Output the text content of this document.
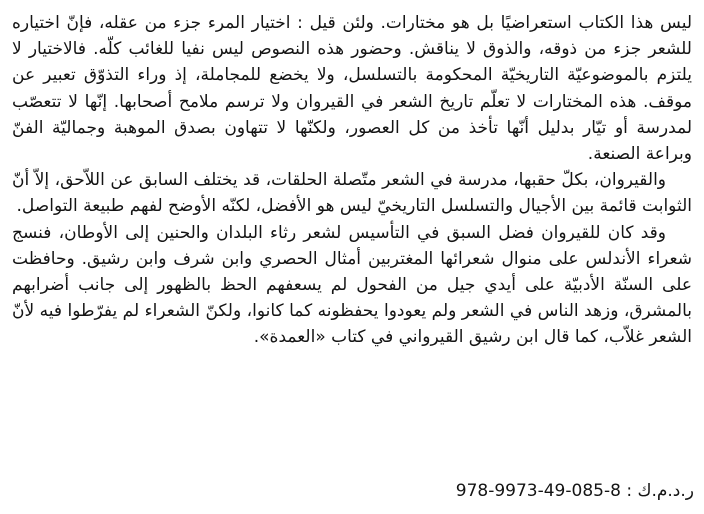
ليس هذا الكتاب استعراضيًا بل هو مختارات. ولئن قيل : اختيار المرء جزء من عقله، فإنّ اختياره للشعر جزء من ذوقه، والذوق لا يناقش. وحضور هذه النصوص ليس نفيا للغائب كلّه. فالاختيار لا يلتزم بالموضوعيّة التاريخيّة المحكومة بالتسلسل، ولا يخضع للمجاملة، إذ وراء التذوّق تعبير عن موقف. هذه المختارات لا تعلّم تاريخ الشعر في القيروان ولا ترسم ملامح أصحابها. إنّها لا تتعصّب لمدرسة أو تيّار بدليل أنّها تأخذ من كل العصور، ولكنّها لا تتهاون بصدق الموهبة وجماليّة الفنّ وبراعة الصنعة.

والقيروان، بكلّ حقبها، مدرسة في الشعر متّصلة الحلقات، قد يختلف السابق عن اللاّحق، إلاّ أنّ الثوابت قائمة بين الأجيال والتسلسل التاريخيّ ليس هو الأفضل، لكنّه الأوضح لفهم طبيعة التواصل.

وقد كان للقيروان فضل السبق في التأسيس لشعر رثاء البلدان والحنين إلى الأوطان، فنسج شعراء الأندلس على منوال شعرائها المغتربين أمثال الحصري وابن شرف وابن رشيق. وحافظت على السنّة الأدبيّة على أيدي جيل من الفحول لم يسعفهم الحظ بالظهور إلى جانب أضرابهم بالمشرق، وزهد الناس في الشعر ولم يعودوا يحفظونه كما كانوا، ولكنّ الشعراء لم يفرّطوا فيه لأنّ الشعر غلاّب، كما قال ابن رشيق القيرواني في كتاب «العمدة».

ر.د.م.ك : 978-9973-49-085-8
